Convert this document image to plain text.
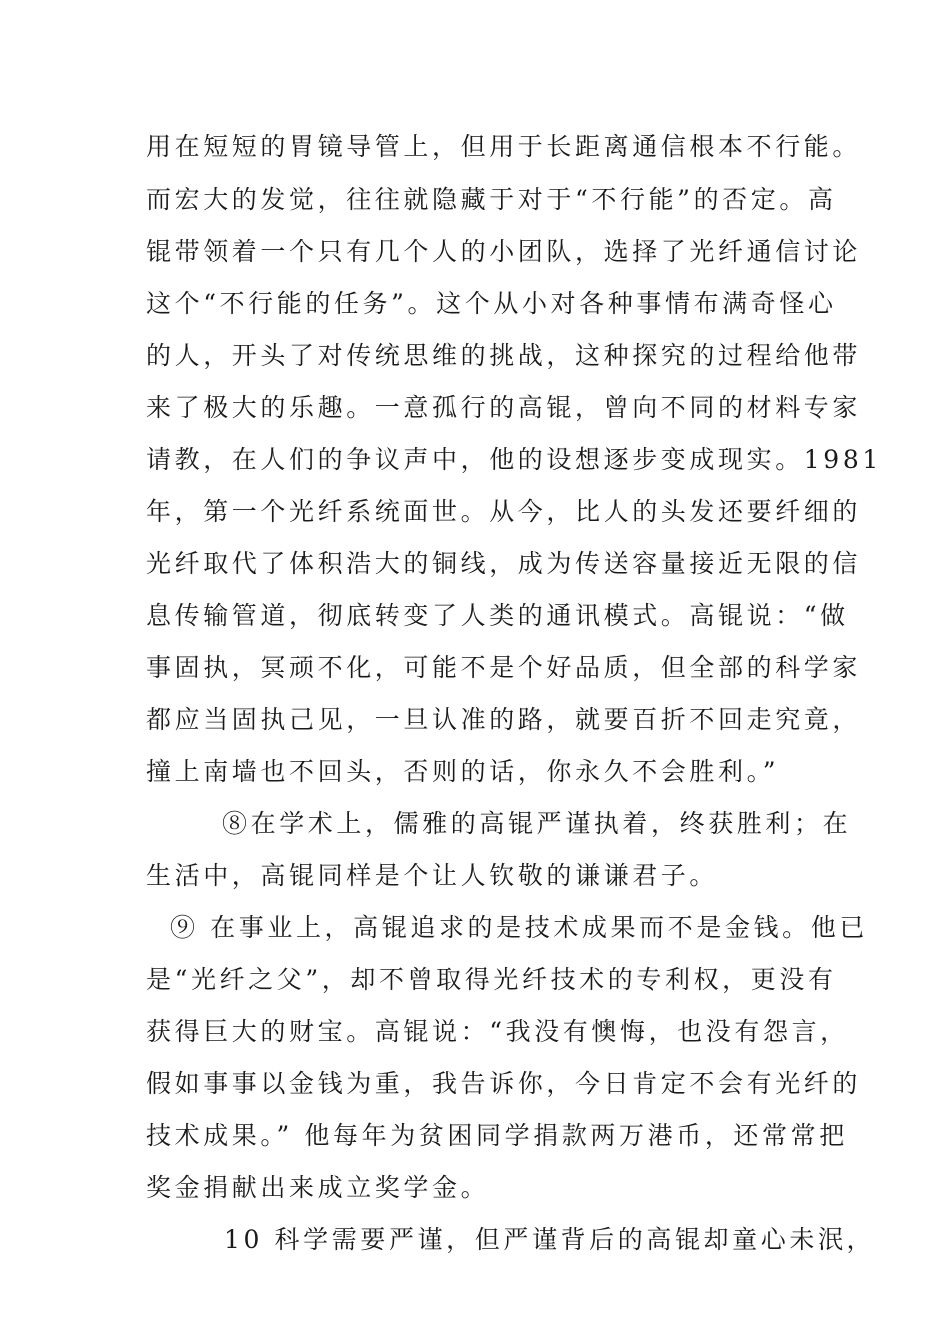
用在短短的胃镜导管上，但用于长距离通信根本不行能。
而宏大的发觉，往往就隐藏于对于“不行能”的否定。高
锟带领着一个只有几个人的小团队，选择了光纤通信讨论
这个“不行能的任务”。这个从小对各种事情布满奇怪心
的人，开头了对传统思维的挑战，这种探究的过程给他带
来了极大的乐趣。一意孤行的高锟，曾向不同的材料专家
请教，在人们的争议声中，他的设想逐步变成现实。1981
年，第一个光纤系统面世。从今，比人的头发还要纤细的
光纤取代了体积浩大的铜线，成为传送容量接近无限的信
息传输管道，彻底转变了人类的通讯模式。高锟说：“做
事固执，冥顽不化，可能不是个好品质，但全部的科学家
都应当固执己见，一旦认准的路，就要百折不回走究竟，
撞上南墙也不回头，否则的话，你永久不会胜利。”
⑧在学术上，儒雅的高锟严谨执着，终获胜利；在
生活中，高锟同样是个让人钦敬的谦谦君子。
⑨ 在事业上，高锟追求的是技术成果而不是金钱。他已
是“光纤之父”，却不曾取得光纤技术的专利权，更没有
获得巨大的财宝。高锟说：“我没有懊悔，也没有怨言，
假如事事以金钱为重，我告诉你，今日肯定不会有光纤的
技术成果。” 他每年为贫困同学捐款两万港币，还常常把
奖金捐献出来成立奖学金。
10 科学需要严谨，但严谨背后的高锟却童心未泯，
